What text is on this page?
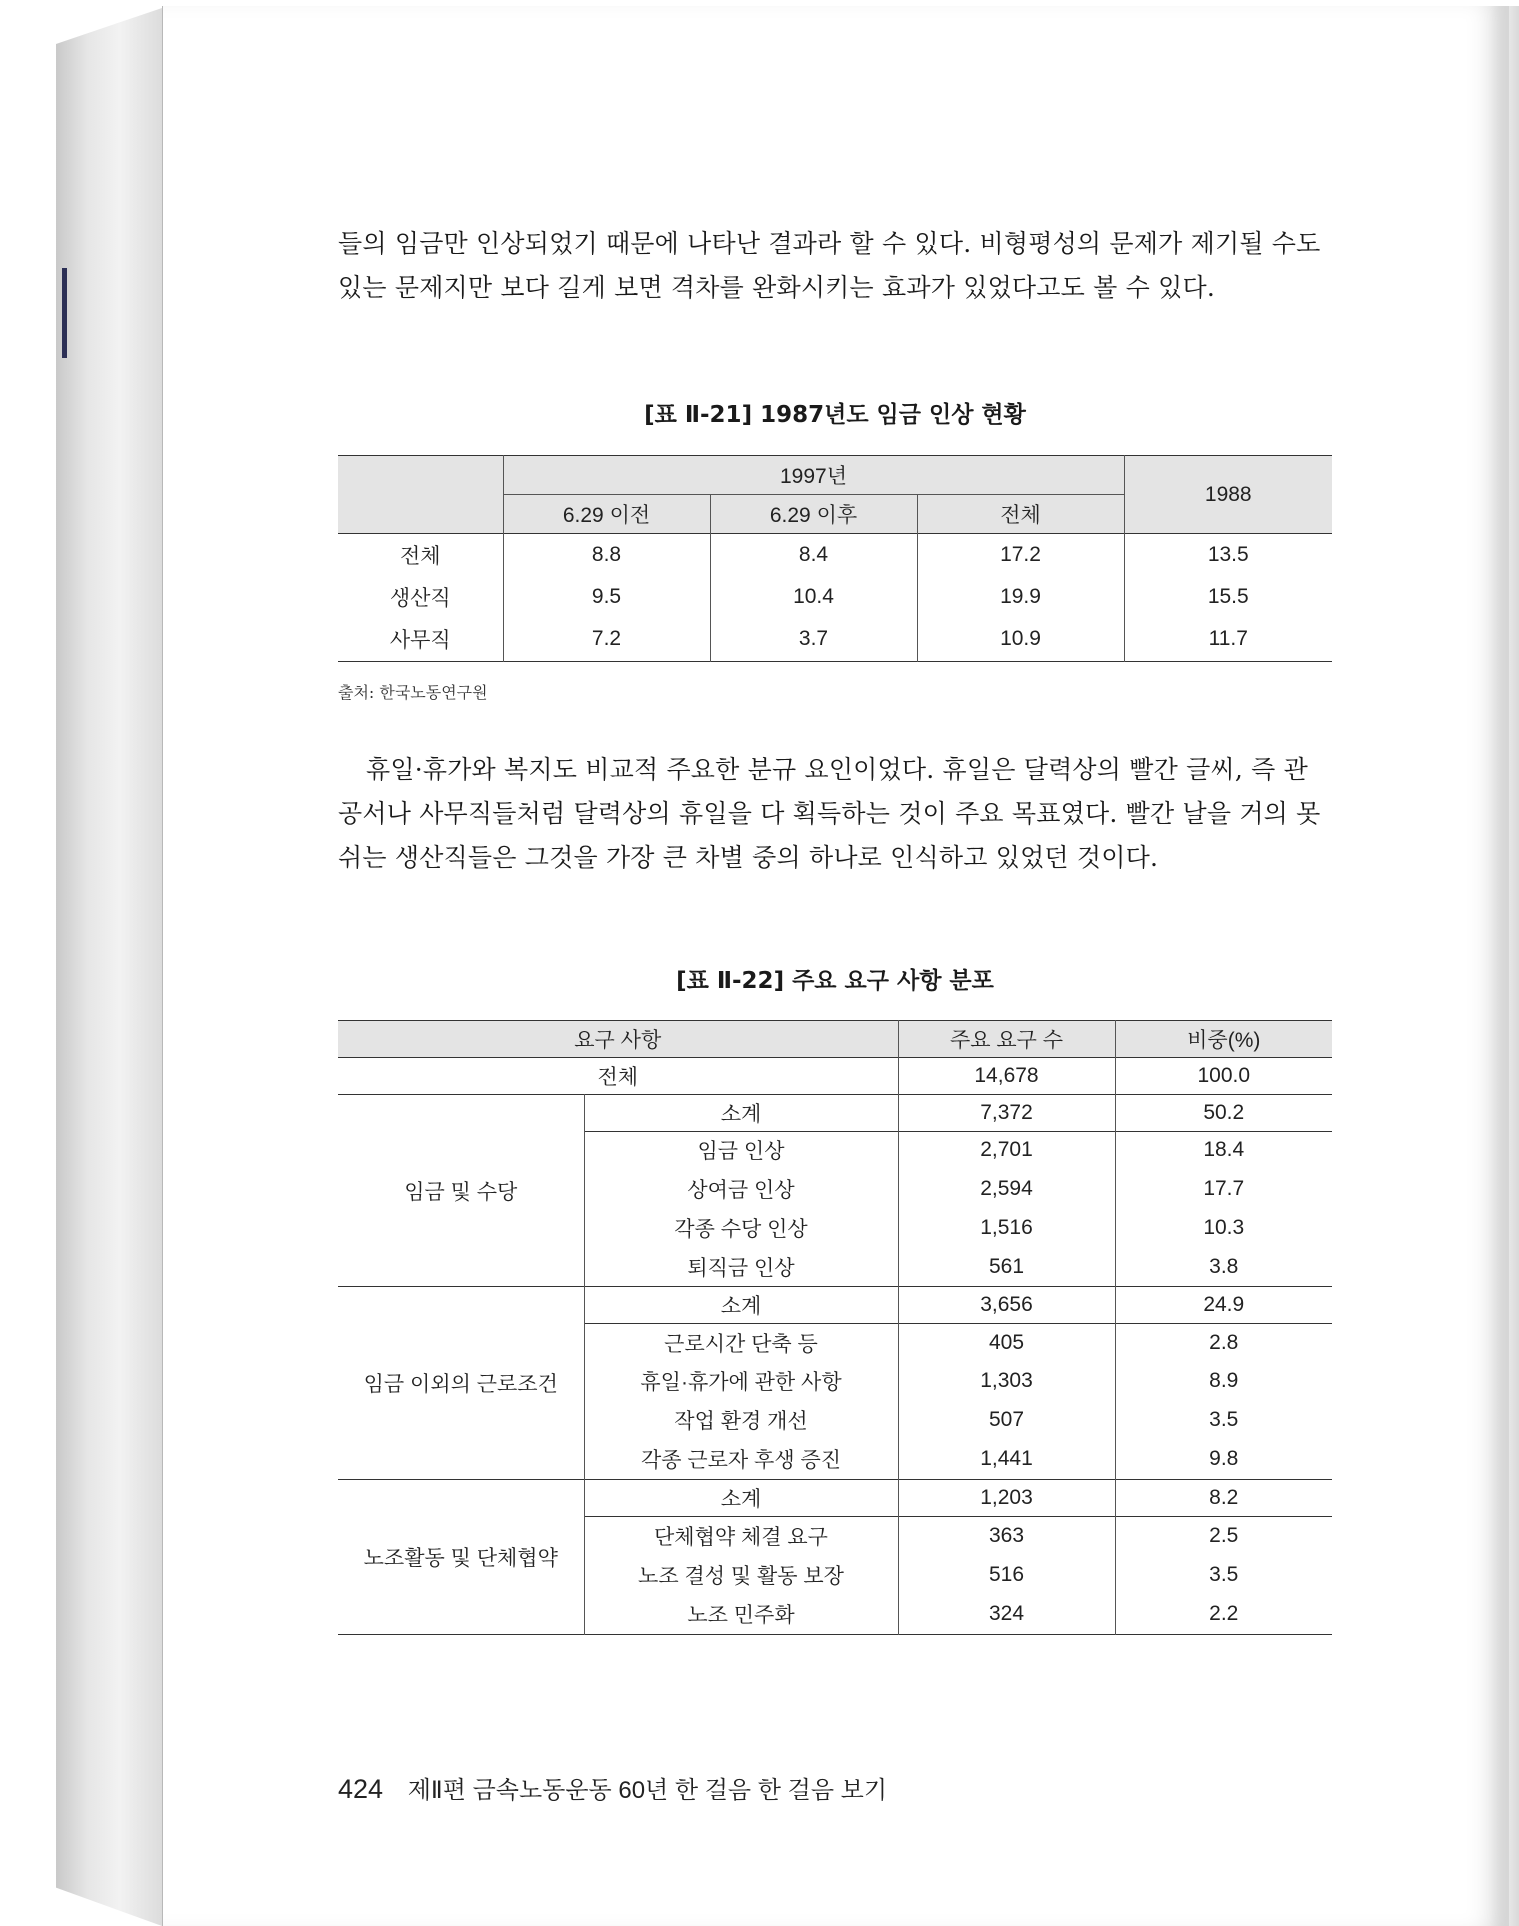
들의 임금만 인상되었기 때문에 나타난 결과라 할 수 있다. 비형평성의 문제가 제기될 수도
있는 문제지만 보다 길게 보면 격차를 완화시키는 효과가 있었다고도 볼 수 있다.
[표 Ⅱ-21] 1987년도 임금 인상 현황
	1997년			1988
	6.29 이전	6.29 이후	전체	
전체	8.8	8.4	17.2	13.5
생산직	9.5	10.4	19.9	15.5
사무직	7.2	3.7	10.9	11.7
출처: 한국노동연구원
휴일·휴가와 복지도 비교적 주요한 분규 요인이었다. 휴일은 달력상의 빨간 글씨, 즉 관
공서나 사무직들처럼 달력상의 휴일을 다 획득하는 것이 주요 목표였다. 빨간 날을 거의 못
쉬는 생산직들은 그것을 가장 큰 차별 중의 하나로 인식하고 있었던 것이다.
[표 Ⅱ-22] 주요 요구 사항 분포
요구 사항		주요 요구 수	비중(%)
전체		14,678	100.0
임금 및 수당	소계	7,372	50.2
	임금 인상	2,701	18.4
	상여금 인상	2,594	17.7
	각종 수당 인상	1,516	10.3
	퇴직금 인상	561	3.8
임금 이외의 근로조건	소계	3,656	24.9
	근로시간 단축 등	405	2.8
	휴일·휴가에 관한 사항	1,303	8.9
	작업 환경 개선	507	3.5
	각종 근로자 후생 증진	1,441	9.8
노조활동 및 단체협약	소계	1,203	8.2
	단체협약 체결 요구	363	2.5
	노조 결성 및 활동 보장	516	3.5
	노조 민주화	324	2.2
424 제Ⅱ편 금속노동운동 60년 한 걸음 한 걸음 보기
